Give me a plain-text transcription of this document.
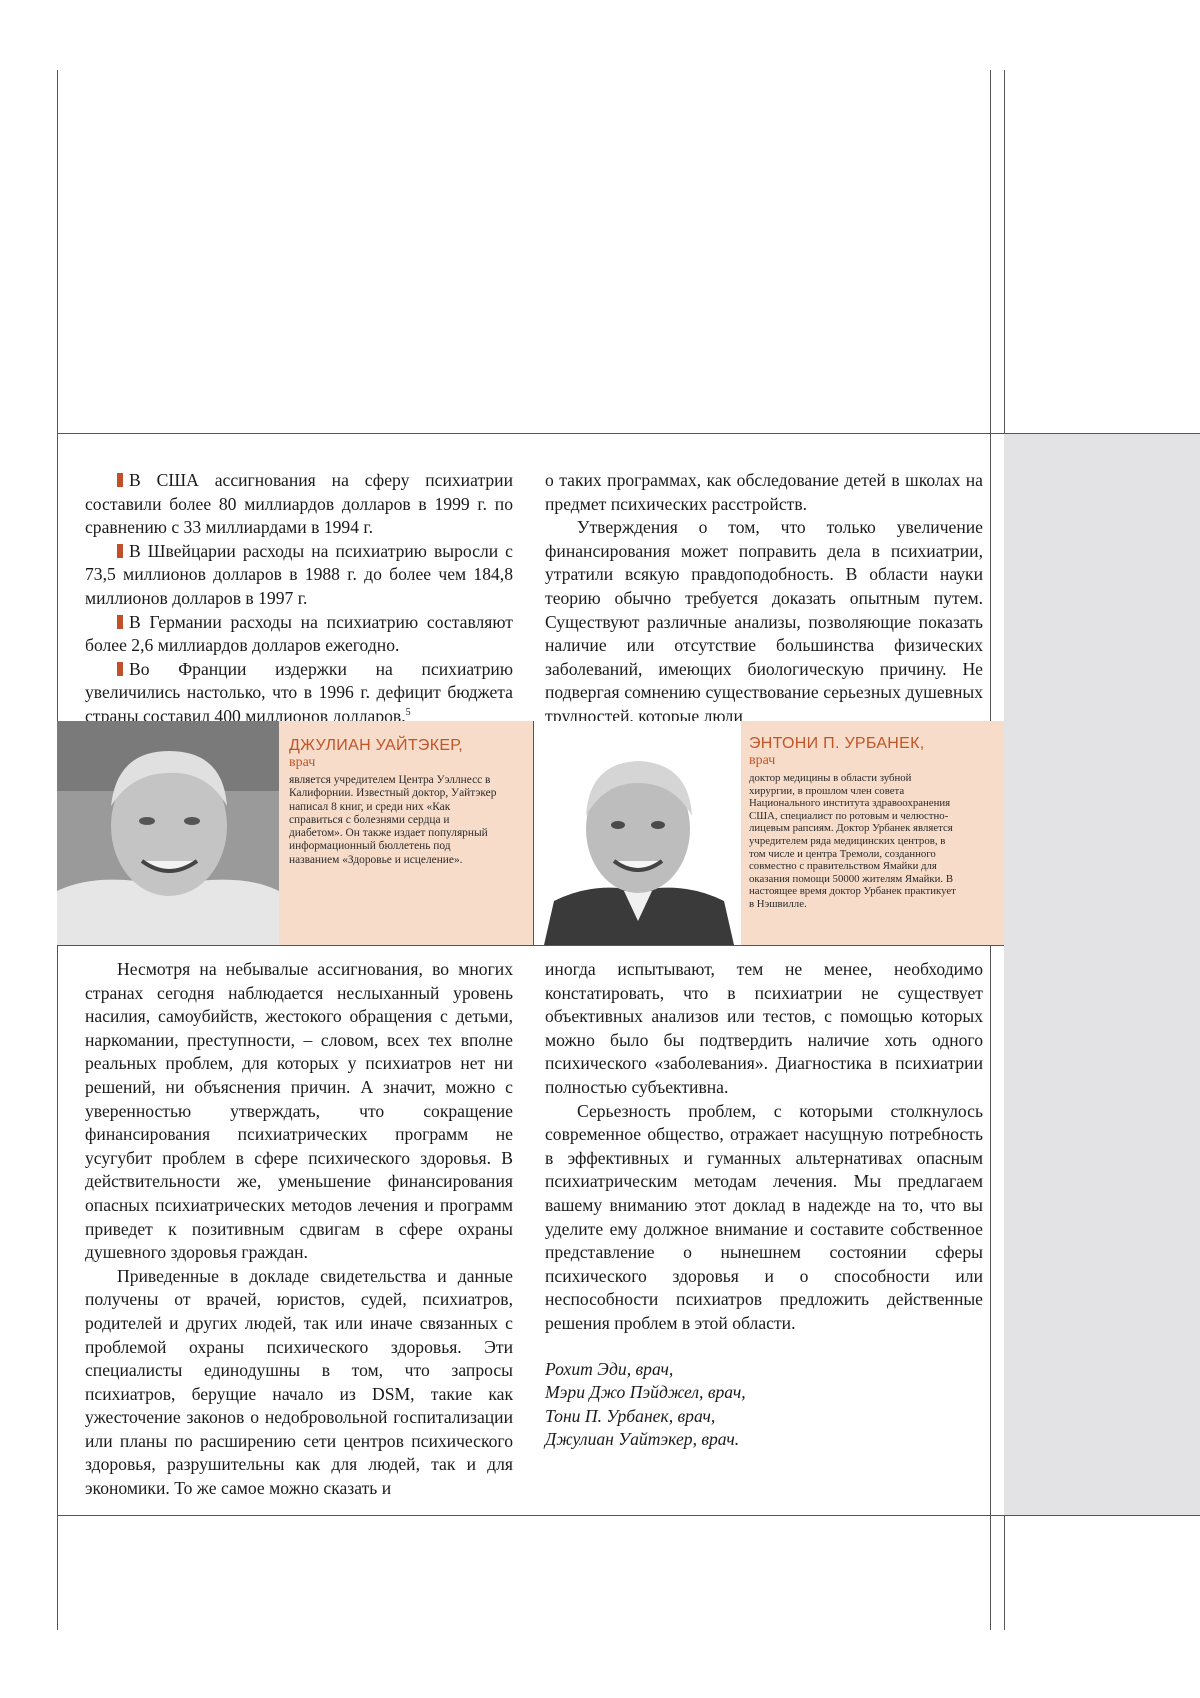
В США ассигнования на сферу психиатрии составили более 80 миллиардов долларов в 1999 г. по сравнению с 33 миллиардами в 1994 г.

В Швейцарии расходы на психиатрию выросли с 73,5 миллионов долларов в 1988 г. до более чем 184,8 миллионов долларов в 1997 г.

В Германии расходы на психиатрию составляют более 2,6 миллиардов долларов ежегодно.

Во Франции издержки на психиатрию увеличились настолько, что в 1996 г. дефицит бюджета страны составил 400 миллионов долларов.5

о таких программах, как обследование детей в школах на предмет психических расстройств.

Утверждения о том, что только увеличение финансирования может поправить дела в психиатрии, утратили всякую правдоподобность. В области науки теорию обычно требуется доказать опытным путем. Существуют различные анализы, позволяющие показать наличие или отсутствие большинства физических заболеваний, имеющих биологическую причину. Не подвергая сомнению существование серьезных душевных трудностей, которые люди

ДЖУЛИАН УАЙТЭКЕР,
врач
является учредителем Центра Уэллнесс в Калифорнии. Известный доктор, Уайтэкер написал 8 книг, и среди них «Как справиться с болезнями сердца и диабетом». Он также издает популярный информационный бюллетень под названием «Здоровье и исцеление».
ЭНТОНИ П. УРБАНЕК,
врач
доктор медицины в области зубной хирургии, в прошлом член совета Национального института здравоохранения США, специалист по ротовым и челюстно-лицевым рапсиям. Доктор Урбанек является учредителем ряда медицинских центров, в том числе и центра Тремоли, созданного совместно с правительством Ямайки для оказания помощи 50000 жителям Ямайки. В настоящее время доктор Урбанек практикует в Нэшвилле.

Несмотря на небывалые ассигнования, во многих странах сегодня наблюдается неслыханный уровень насилия, самоубийств, жестокого обращения с детьми, наркомании, преступности, – словом, всех тех вполне реальных проблем, для которых у психиатров нет ни решений, ни объяснения причин. А значит, можно с уверенностью утверждать, что сокращение финансирования психиатрических программ не усугубит проблем в сфере психического здоровья. В действительности же, уменьшение финансирования опасных психиатрических методов лечения и программ приведет к позитивным сдвигам в сфере охраны душевного здоровья граждан.

Приведенные в докладе свидетельства и данные получены от врачей, юристов, судей, психиатров, родителей и других людей, так или иначе связанных с проблемой охраны психического здоровья. Эти специалисты единодушны в том, что запросы психиатров, берущие начало из DSM, такие как ужесточение законов о недобровольной госпитализации или планы по расширению сети центров психического здоровья, разрушительны как для людей, так и для экономики. То же самое можно сказать и

иногда испытывают, тем не менее, необходимо констатировать, что в психиатрии не существует объективных анализов или тестов, с помощью которых можно было бы подтвердить наличие хоть одного психического «заболевания». Диагностика в психиатрии полностью субъективна.

Серьезность проблем, с которыми столкнулось современное общество, отражает насущную потребность в эффективных и гуманных альтернативах опасным психиатрическим методам лечения. Мы предлагаем вашему вниманию этот доклад в надежде на то, что вы уделите ему должное внимание и составите собственное представление о нынешнем состоянии сферы психического здоровья и о способности или неспособности психиатров предложить действенные решения проблем в этой области.

Рохит Эди, врач,
Мэри Джо Пэйджел, врач,
Тони П. Урбанек, врач,
Джулиан Уайтэкер, врач.
